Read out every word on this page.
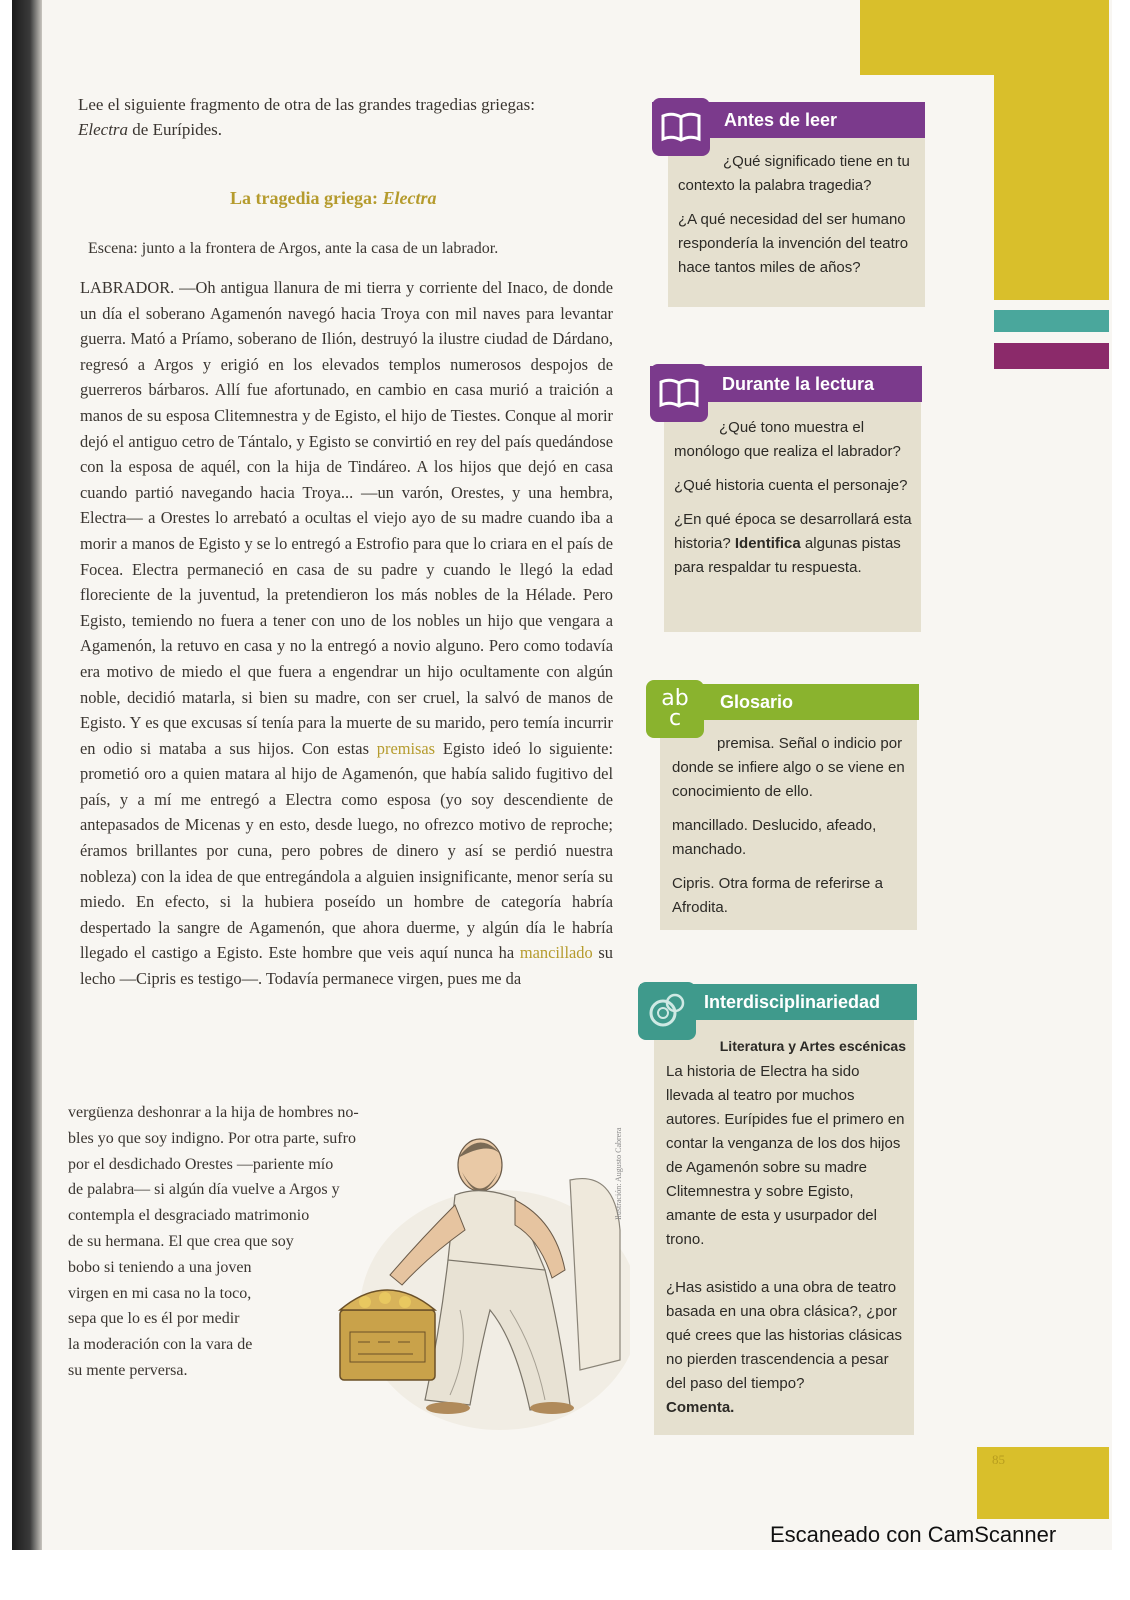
85
Lee el siguiente fragmento de otra de las grandes tragedias griegas:
Electra de Eurípides.
La tragedia griega: Electra
Escena: junto a la frontera de Argos, ante la casa de un labrador.

LABRADOR. —Oh antigua llanura de mi tierra y corriente del Inaco, de donde un día el soberano Agamenón navegó hacia Troya con mil naves para levantar guerra. Mató a Príamo, soberano de Ilión, destruyó la ilustre ciudad de Dárdano, regresó a Argos y erigió en los elevados templos numerosos despojos de guerreros bárbaros. Allí fue afortunado, en cambio en casa murió a traición a manos de su esposa Clitemnestra y de Egisto, el hijo de Tiestes. Conque al morir dejó el antiguo cetro de Tántalo, y Egisto se convirtió en rey del país quedándose con la esposa de aquél, con la hija de Tindáreo. A los hijos que dejó en casa cuando partió navegando hacia Troya... —un varón, Orestes, y una hembra, Electra— a Orestes lo arrebató a ocultas el viejo ayo de su madre cuando iba a morir a manos de Egisto y se lo entregó a Estrofio para que lo criara en el país de Focea. Electra permaneció en casa de su padre y cuando le llegó la edad floreciente de la juventud, la pretendieron los más nobles de la Hélade. Pero Egisto, temiendo no fuera a tener con uno de los nobles un hijo que vengara a Agamenón, la retuvo en casa y no la entregó a novio alguno. Pero como todavía era motivo de miedo el que fuera a engendrar un hijo ocultamente con algún noble, decidió matarla, si bien su madre, con ser cruel, la salvó de manos de Egisto. Y es que excusas sí tenía para la muerte de su marido, pero temía incurrir en odio si mataba a sus hijos. Con estas premisas Egisto ideó lo siguiente: prometió oro a quien matara al hijo de Agamenón, que había salido fugitivo del país, y a mí me entregó a Electra como esposa (yo soy descendiente de antepasados de Micenas y en esto, desde luego, no ofrezco motivo de reproche; éramos brillantes por cuna, pero pobres de dinero y así se perdió nuestra nobleza) con la idea de que entregándola a alguien insignificante, menor sería su miedo. En efecto, si la hubiera poseído un hombre de categoría habría despertado la sangre de Agamenón, que ahora duerme, y algún día le habría llegado el castigo a Egisto. Este hombre que veis aquí nunca ha mancillado su lecho —Cipris es testigo—. Todavía permanece virgen, pues me da

vergüenza deshonrar a la hija de hombres no-
bles yo que soy indigno. Por otra parte, sufro
por el desdichado Orestes —pariente mío
de palabra— si algún día vuelve a Argos y
contempla el desgraciado matrimonio
de su hermana. El que crea que soy
bobo si teniendo a una joven
virgen en mi casa no la toco,
sepa que lo es él por medir
la moderación con la vara de
su mente perversa.
Ilustración: Augusto Cabrera
Antes de leer

¿Qué significado tiene en tu contexto la palabra tragedia?

¿A qué necesidad del ser humano respondería la invención del teatro hace tantos miles de años?

Durante la lectura

¿Qué tono muestra el monólogo que realiza el labrador?

¿Qué historia cuenta el personaje?

¿En qué época se desarrollará esta historia? Identifica algunas pistas para respaldar tu respuesta.

Glosario

premisa. Señal o indicio por donde se infiere algo o se viene en conocimiento de ello.

mancillado. Deslucido, afeado, manchado.

Cipris. Otra forma de referirse a Afrodita.

ab c
Interdisciplinariedad

Literatura y Artes escénicas

La historia de Electra ha sido llevada al teatro por muchos autores. Eurípides fue el primero en contar la venganza de los dos hijos de Agamenón sobre su madre Clitemnestra y sobre Egisto, amante de esta y usurpador del trono.

¿Has asistido a una obra de teatro basada en una obra clásica?, ¿por qué crees que las historias clásicas no pierden trascendencia a pesar del paso del tiempo?
Comenta.

Escaneado con CamScanner
